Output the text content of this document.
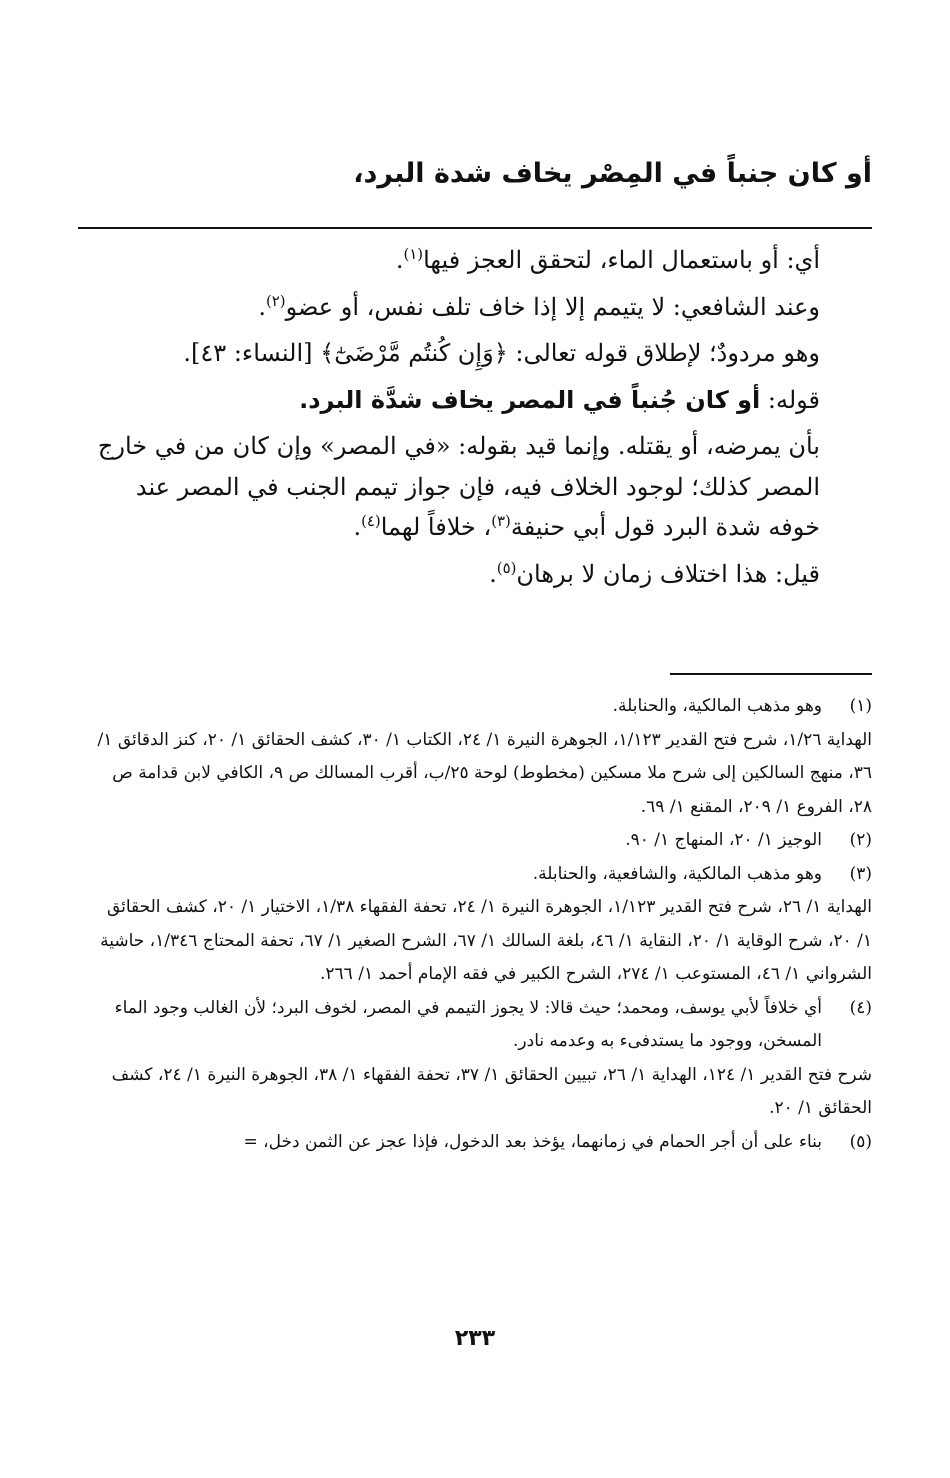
أو كان جنباً في المِصْر يخاف شدة البرد،

أي: أو باستعمال الماء، لتحقق العجز فيها$^{(١)}$.

وعند الشافعي: لا يتيمم إلا إذا خاف تلف نفس، أو عضو$^{(٢)}$.

وهو مردودٌ؛ لإطلاق قوله تعالى: ﴿وَإِن كُنتُم مَّرْضَىٰٓ﴾ [النساء: ٤٣].

قوله: أو كان جُنباً في المصر يخاف شدَّة البرد.

بأن يمرضه، أو يقتله. وإنما قيد بقوله: «في المصر» وإن كان من في خارج المصر كذلك؛ لوجود الخلاف فيه، فإن جواز تيمم الجنب في المصر عند خوفه شدة البرد قول أبي حنيفة$^{(٣)}$، خلافاً لهما$^{(٤)}$.

قيل: هذا اختلاف زمان لا برهان$^{(٥)}$.

(١)
وهو مذهب المالكية، والحنابلة.
الهداية ١/٢٦، شرح فتح القدير ١/١٢٣، الجوهرة النيرة ١/ ٢٤، الكتاب ١/ ٣٠، كشف الحقائق ١/ ٢٠، كنز الدقائق ١/ ٣٦، منهج السالكين إلى شرح ملا مسكين (مخطوط) لوحة ٢٥/ب، أقرب المسالك ص ٩، الكافي لابن قدامة ص ٢٨، الفروع ١/ ٢٠٩، المقنع ١/ ٦٩.
(٢)
الوجيز ١/ ٢٠، المنهاج ١/ ٩٠.
(٣)
وهو مذهب المالكية، والشافعية، والحنابلة.
الهداية ١/ ٢٦، شرح فتح القدير ١/١٢٣، الجوهرة النيرة ١/ ٢٤، تحفة الفقهاء ١/٣٨، الاختيار ١/ ٢٠، كشف الحقائق ١/ ٢٠، شرح الوقاية ١/ ٢٠، النقاية ١/ ٤٦، بلغة السالك ١/ ٦٧، الشرح الصغير ١/ ٦٧، تحفة المحتاج ١/٣٤٦، حاشية الشرواني ١/ ٤٦، المستوعب ١/ ٢٧٤، الشرح الكبير في فقه الإمام أحمد ١/ ٢٦٦.
(٤)
أي خلافاً لأبي يوسف، ومحمد؛ حيث قالا: لا يجوز التيمم في المصر، لخوف البرد؛ لأن الغالب وجود الماء المسخن، ووجود ما يستدفىء به وعدمه نادر.
شرح فتح القدير ١/ ١٢٤، الهداية ١/ ٢٦، تبيين الحقائق ١/ ٣٧، تحفة الفقهاء ١/ ٣٨، الجوهرة النيرة ١/ ٢٤، كشف الحقائق ١/ ٢٠.
(٥)
بناء على أن أجر الحمام في زمانهما، يؤخذ بعد الدخول، فإذا عجز عن الثمن دخل، =
٢٣٣
